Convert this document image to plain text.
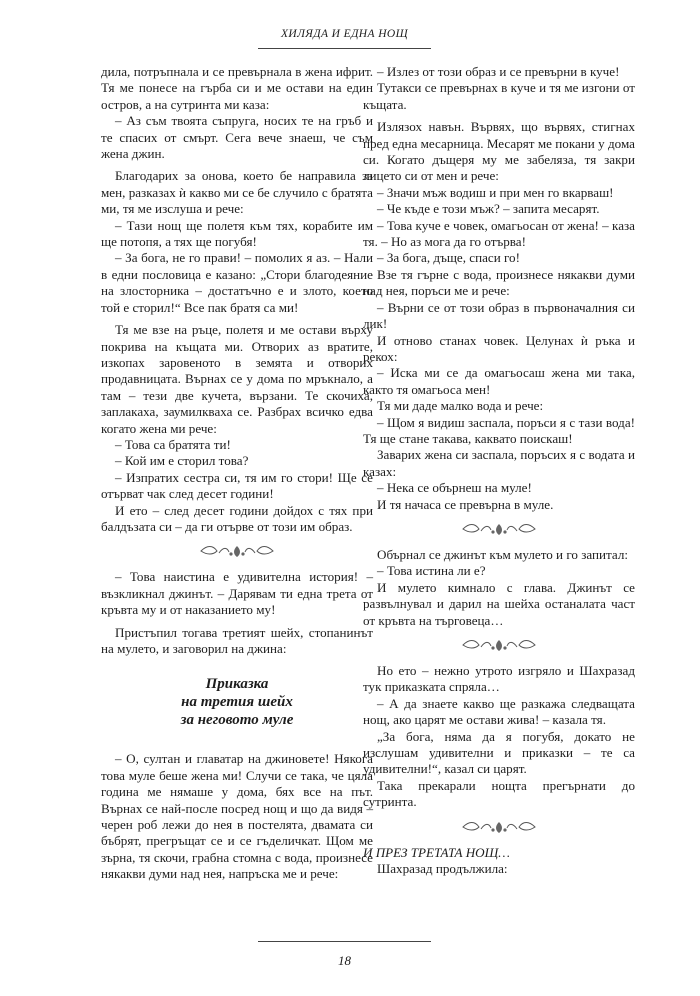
ХИЛЯДА И ЕДНА НОЩ

дила, потръпнала и се превърнала в жена ифрит. Тя ме понесе на гърба си и ме остави на един остров, а на сутринта ми каза:

– Аз съм твоята съпруга, носих те на гръб и те спасих от смърт. Сега вече знаеш, че съм жена джин.

Благодарих за онова, което бе направила за мен, разказах ѝ какво ми се бе случило с братята ми, тя ме изслуша и рече:

– Тази нощ ще полетя към тях, корабите им ще потопя, а тях ще погубя!

– За бога, не го прави! – помолих я аз. – Нали в едни пословица е казано: „Стори благодеяние на злосторника – достатъчно е и злото, което той е сторил!“ Все пак братя са ми!

Тя ме взе на ръце, полетя и ме остави върху покрива на къщата ми. Отворих аз вратите, изкопах заровеното в земята и отворих продавницата. Върнах се у дома по мръкнало, а там – тези две кучета, вързани. Те скочиха, заплакаха, заумилкваха се. Разбрах всичко едва когато жена ми рече:

– Това са братята ти!

– Кой им е сторил това?

– Изпратих сестра си, тя им го стори! Ще се отърват чак след десет години!

И ето – след десет години дойдох с тях при балдъзата си – да ги отърве от този им образ.

– Това наистина е удивителна история! – възкликнал джинът. – Дарявам ти една трета от кръвта му и от наказанието му!

Пристъпил тогава третият шейх, стопанинът на мулето, и заговорил на джина:

Приказка
на третия шейх
за неговото муле

– О, султан и главатар на джиновете! Някога това муле беше жена ми! Случи се така, че цяла година ме нямаше у дома, бях все на път. Върнах се най-после посред нощ и що да видя – черен роб лежи до нея в постелята, двамата си бъбрят, прегръщат се и се гъделичкат. Щом ме зърна, тя скочи, грабна стомна с вода, произнесе някакви думи над нея, напръска ме и рече:

– Излез от този образ и се превърни в куче!

Тутакси се превърнах в куче и тя ме изгони от къщата.

Излязох навън. Вървях, що вървях, стигнах пред една месарница. Месарят ме покани у дома си. Когато дъщеря му ме забеляза, тя закри лицето си от мен и рече:

– Значи мъж водиш и при мен го вкарваш!

– Че къде е този мъж? – запита месарят.

– Това куче е човек, омагьосан от жена! – каза тя. – Но аз мога да го отърва!

– За бога, дъще, спаси го!

Взе тя гърне с вода, произнесе някакви думи над нея, поръси ме и рече:

– Върни се от този образ в първоначалния си лик!

И отново станах човек. Целунах ѝ ръка и рекох:

– Иска ми се да омагьосаш жена ми така, както тя омагьоса мен!

Тя ми даде малко вода и рече:

– Щом я видиш заспала, поръси я с тази вода! Тя ще стане такава, каквато поискаш!

Заварих жена си заспала, поръсих я с водата и казах:

– Нека се обърнеш на муле!

И тя начаса се превърна в муле.

Обърнал се джинът към мулето и го запитал:

– Това истина ли е?

И мулето кимнало с глава. Джинът се развълнувал и дарил на шейха останалата част от кръвта на търговеца…

Но ето – нежно утрото изгряло и Шахразад тук приказката спряла…

– А да знаете какво ще разкажа следващата нощ, ако царят ме остави жива! – казала тя.

„За бога, няма да я погубя, докато не изслушам удивителни и приказки – те са удивителни!“, казал си царят.

Така прекарали нощта прегърнати до сутринта.

И ПРЕЗ ТРЕТАТА НОЩ…

Шахразад продължила:

18
